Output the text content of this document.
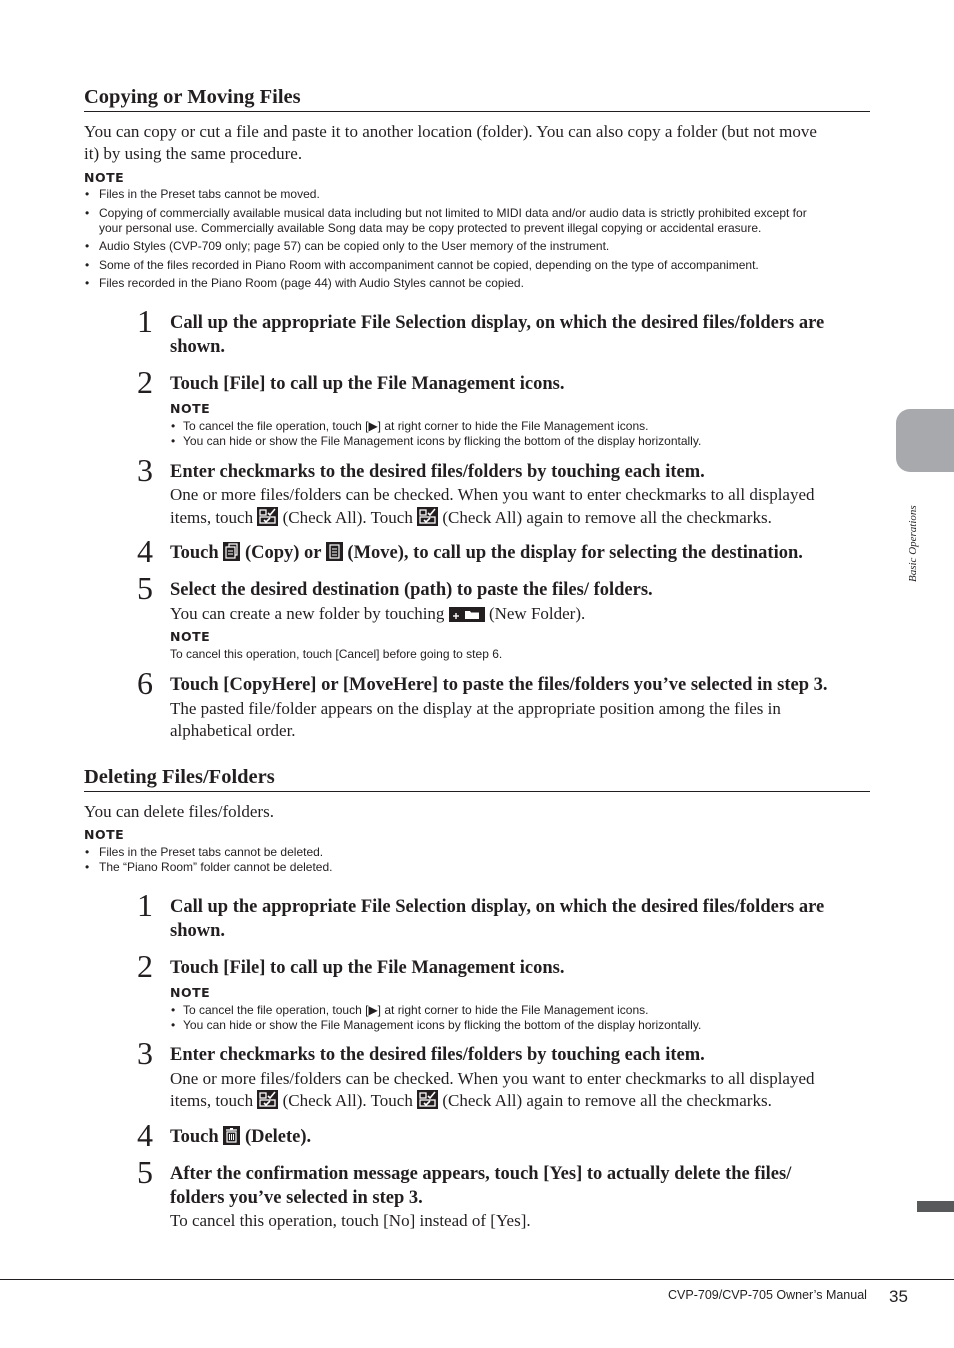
Copying or Moving Files
You can copy or cut a file and paste it to another location (folder). You can also copy a folder (but not move
it) by using the same procedure.
NOTE
• Files in the Preset tabs cannot be moved.
• Copying of commercially available musical data including but not limited to MIDI data and/or audio data is strictly prohibited except for
your personal use. Commercially available Song data may be copy protected to prevent illegal copying or accidental erasure.
• Audio Styles (CVP-709 only; page 57) can be copied only to the User memory of the instrument.
• Some of the files recorded in Piano Room with accompaniment cannot be copied, depending on the type of accompaniment.
• Files recorded in the Piano Room (page 44) with Audio Styles cannot be copied.
1 Call up the appropriate File Selection display, on which the desired files/folders are
shown.
2 Touch [File] to call up the File Management icons.
NOTE
• To cancel the file operation, touch [▶] at right corner to hide the File Management icons.
• You can hide or show the File Management icons by flicking the bottom of the display horizontally.
3 Enter checkmarks to the desired files/folders by touching each item.
One or more files/folders can be checked. When you want to enter checkmarks to all displayed
items, touch (Check All). Touch (Check All) again to remove all the checkmarks.
4 Touch (Copy) or (Move), to call up the display for selecting the destination.
5 Select the desired destination (path) to paste the files/ folders.
You can create a new folder by touching	(New Folder).
NOTE
To cancel this operation, touch [Cancel] before going to step 6.
6 Touch [CopyHere] or [MoveHere] to paste the files/folders you’ve selected in step 3.
The pasted file/folder appears on the display at the appropriate position among the files in
alphabetical order.
Deleting Files/Folders
You can delete files/folders.
NOTE
• Files in the Preset tabs cannot be deleted.
• The “Piano Room” folder cannot be deleted.
1 Call up the appropriate File Selection display, on which the desired files/folders are
shown.
2 Touch [File] to call up the File Management icons.
NOTE
• To cancel the file operation, touch [▶] at right corner to hide the File Management icons.
• You can hide or show the File Management icons by flicking the bottom of the display horizontally.
3 Enter checkmarks to the desired files/folders by touching each item.
One or more files/folders can be checked. When you want to enter checkmarks to all displayed
items, touch (Check All). Touch (Check All) again to remove all the checkmarks.
4 Touch (Delete).
5 After the confirmation message appears, touch [Yes] to actually delete the files/
folders you’ve selected in step 3.
To cancel this operation, touch [No] instead of [Yes].
Basic Operations
CVP-709/CVP-705 Owner’s Manual 35
